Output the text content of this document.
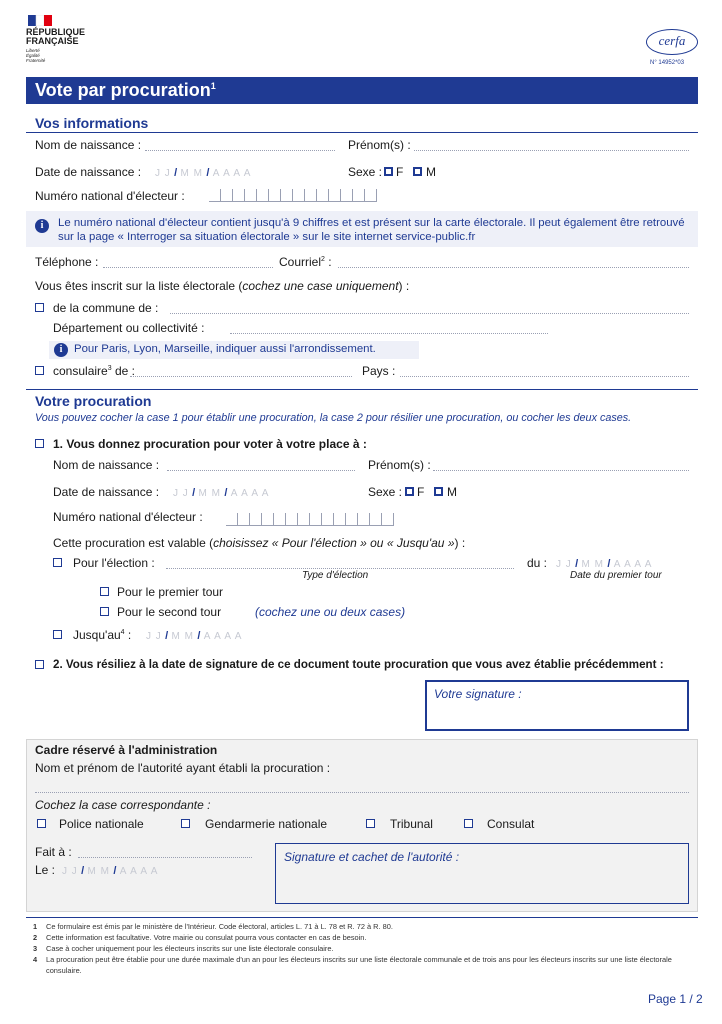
RÉPUBLIQUE
FRANÇAISE
Liberté
Égalité
Fraternité
cerfa
N° 14952*03
Vote par procuration$^1$
Vos informations
Nom de naissance :	Prénom(s) :
Date de naissance : J J / M M / A A A A	Sexe : F M
Numéro national d'électeur :
i	Le numéro national d'électeur contient jusqu'à 9 chiffres et est présent sur la carte électorale. Il peut également être retrouvé sur la page « Interroger sa situation électorale » sur le site internet service-public.fr
Téléphone :	Courriel$^2$ :
Vous êtes inscrit sur la liste électorale (cochez une case uniquement) :
de la commune de :
Département ou collectivité :
i	Pour Paris, Lyon, Marseille, indiquer aussi l'arrondissement.
consulaire$^3$ de :	Pays :
Votre procuration
Vous pouvez cocher la case 1 pour établir une procuration, la case 2 pour résilier une procuration, ou cocher les deux cases.
1. Vous donnez procuration pour voter à votre place à :
Nom de naissance :	Prénom(s) :
Date de naissance : J J / M M / A A A A	Sexe : F M
Numéro national d'électeur :
Cette procuration est valable (choisissez « Pour l'élection » ou « Jusqu'au ») :
Pour l'élection :
Type d'élection
du : J J / M M / A A A A
Date du premier tour
Pour le premier tour
Pour le second tour	(cochez une ou deux cases)
$Jusqu'au^4$ : J J / M M / A A A A
2. Vous résiliez à la date de signature de ce document toute procuration que vous avez établie précédemment :
Votre signature :
Cadre réservé à l'administration
Nom et prénom de l'autorité ayant établi la procuration :
Cochez la case correspondante :
Police nationale	Gendarmerie nationale	Tribunal	Consulat
Fait à :
Le : J J / M M / A A A A
Signature et cachet de l'autorité :
1 Ce formulaire est émis par le ministère de l'Intérieur. Code électoral, articles L. 71 à L. 78 et R. 72 à R. 80.
2 Cette information est facultative. Votre mairie ou consulat pourra vous contacter en cas de besoin.
3 Case à cocher uniquement pour les électeurs inscrits sur une liste électorale consulaire.
4	La procuration peut être établie pour une durée maximale d'un an pour les électeurs inscrits sur une liste électorale communale et de trois ans pour les électeurs inscrits sur une liste électorale consulaire.
Page 1 / 2
